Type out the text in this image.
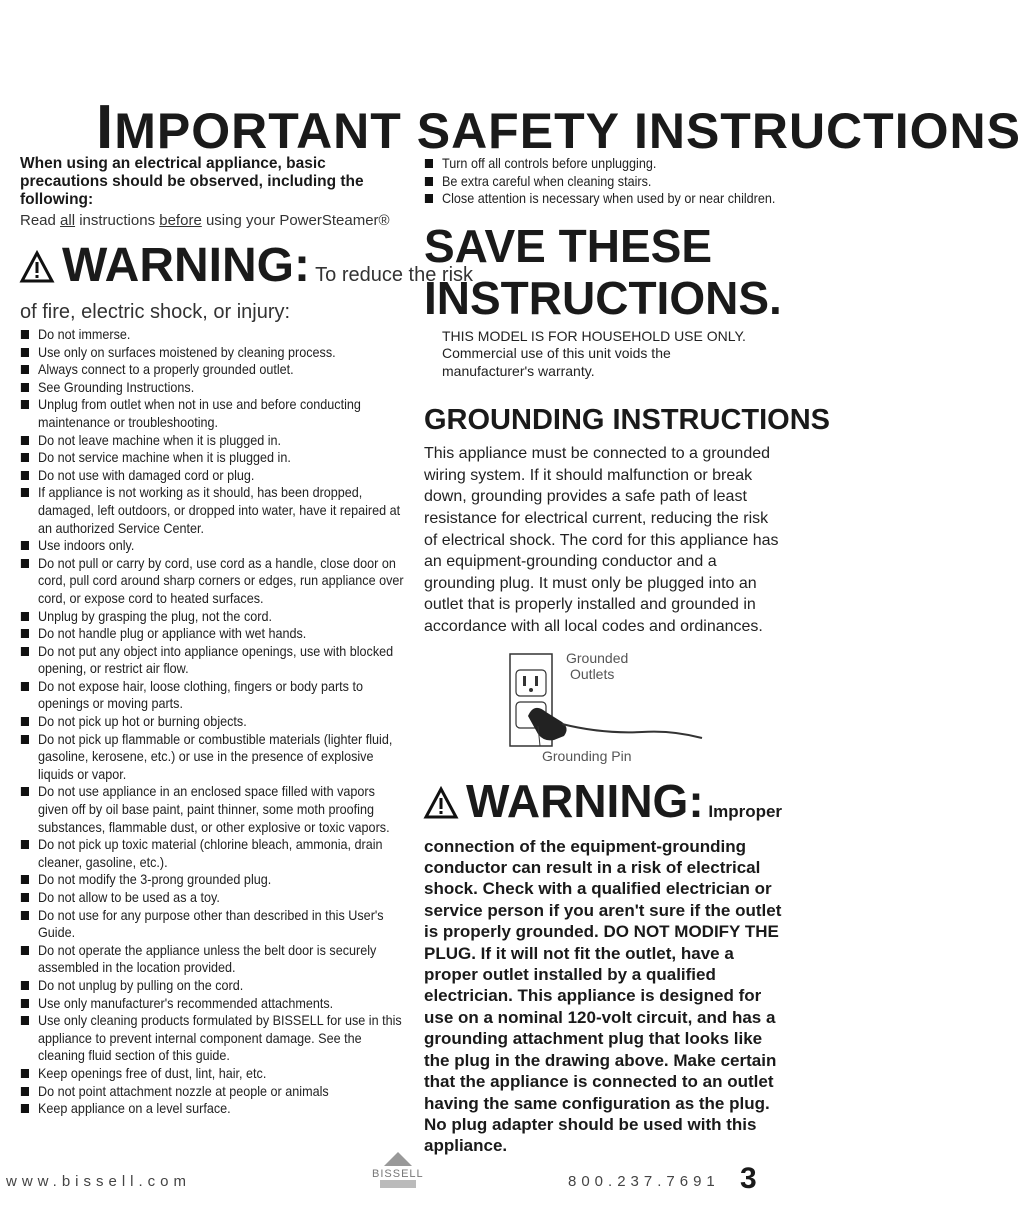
IMPORTANT SAFETY INSTRUCTIONS
When using an electrical appliance, basic precautions should be observed, including the following:
Read all instructions before using your PowerSteamer®
WARNING: To reduce the risk
of fire, electric shock, or injury:
Do not immerse.
Use only on surfaces moistened by cleaning process.
Always connect to a properly grounded outlet.
See Grounding Instructions.
Unplug from outlet when not in use and before conducting maintenance or troubleshooting.
Do not leave machine when it is plugged in.
Do not service machine when it is plugged in.
Do not use with damaged cord or plug.
If appliance is not working as it should, has been dropped, damaged, left outdoors, or dropped into water, have it repaired at an authorized Service Center.
Use indoors only.
Do not pull or carry by cord, use cord as a handle, close door on cord, pull cord around sharp corners or edges, run appliance over cord, or expose cord to heated surfaces.
Unplug by grasping the plug, not the cord.
Do not handle plug or appliance with wet hands.
Do not put any object into appliance openings, use with blocked opening, or restrict air flow.
Do not expose hair, loose clothing, fingers or body parts to openings or moving parts.
Do not pick up hot or burning objects.
Do not pick up flammable or combustible materials (lighter fluid, gasoline, kerosene, etc.) or use in the presence of explosive liquids or vapor.
Do not use appliance in an enclosed space filled with vapors given off by oil base paint, paint thinner, some moth proofing substances, flammable dust, or other explosive or toxic vapors.
Do not pick up toxic material (chlorine bleach, ammonia, drain cleaner, gasoline, etc.).
Do not modify the 3-prong grounded plug.
Do not allow to be used as a toy.
Do not use for any purpose other than described in this User's Guide.
Do not operate the appliance unless the belt door is securely assembled in the location provided.
Do not unplug by pulling on the cord.
Use only manufacturer's recommended attachments.
Use only cleaning products formulated by BISSELL for use in this appliance to prevent internal component damage. See the cleaning fluid section of this guide.
Keep openings free of dust, lint, hair, etc.
Do not point attachment nozzle at people or animals
Keep appliance on a level surface.
Turn off all controls before unplugging.
Be extra careful when cleaning stairs.
Close attention is necessary when used by or near children.
SAVE THESE
INSTRUCTIONS.
THIS MODEL IS FOR HOUSEHOLD USE ONLY.
Commercial use of this unit voids the
manufacturer's warranty.
GROUNDING INSTRUCTIONS
This appliance must be connected to a grounded wiring system. If it should malfunction or break down, grounding provides a safe path of least resistance for electrical current, reducing the risk of electrical shock. The cord for this appliance has an equipment-grounding conductor and a grounding plug. It must only be plugged into an outlet that is properly installed and grounded in accordance with all local codes and ordinances.
Grounded
Outlets
Grounding Pin
WARNING: Improper
connection of the equipment-grounding conductor can result in a risk of electrical shock. Check with a qualified electrician or service person if you aren't sure if the outlet is properly grounded. DO NOT MODIFY THE PLUG. If it will not fit the outlet, have a proper outlet installed by a qualified electrician. This appliance is designed for use on a nominal 120-volt circuit, and has a grounding attachment plug that looks like the plug in the drawing above. Make certain that the appliance is connected to an outlet having the same configuration as the plug. No plug adapter should be used with this appliance.
www.bissell.com	BISSELL	800.237.7691 3
